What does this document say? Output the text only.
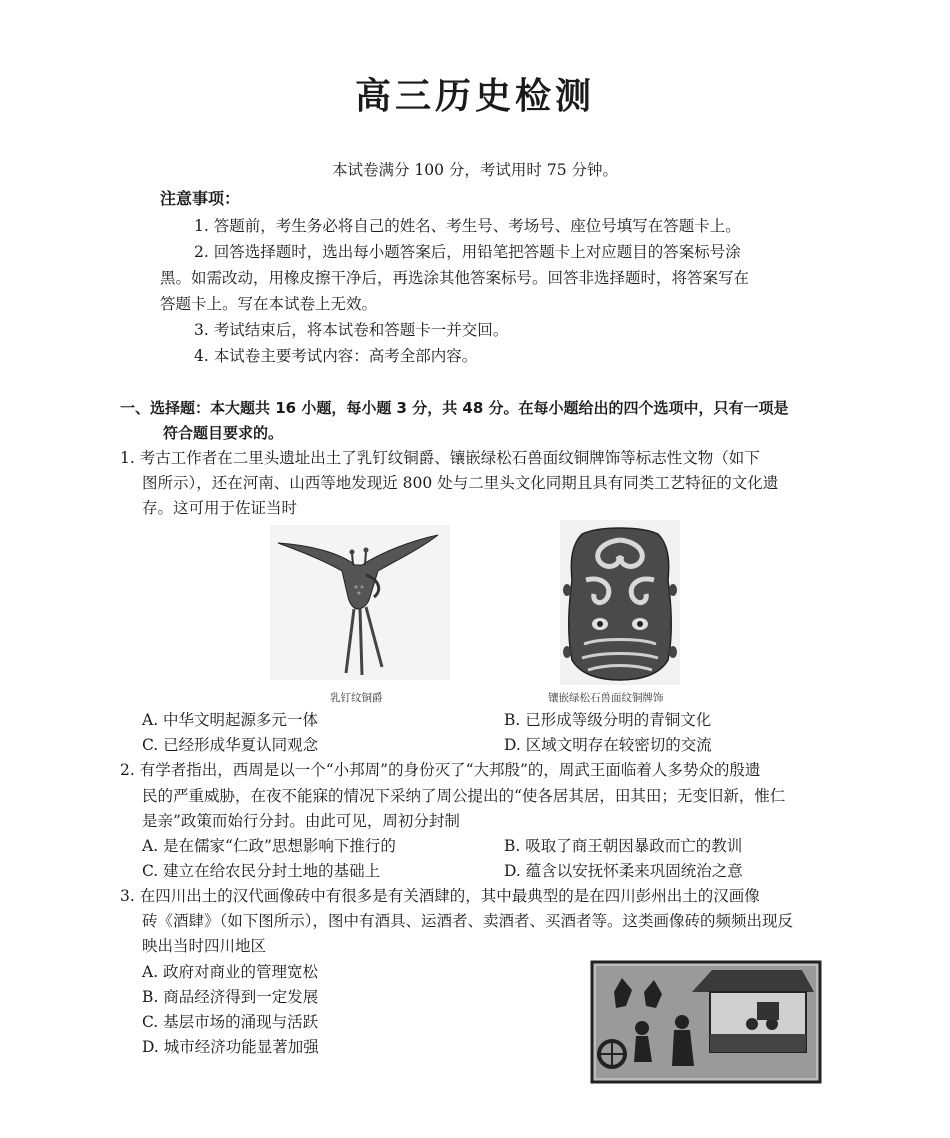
高三历史检测
本试卷满分 100 分，考试用时 75 分钟。
注意事项：
1. 答题前，考生务必将自己的姓名、考生号、考场号、座位号填写在答题卡上。
2. 回答选择题时，选出每小题答案后，用铅笔把答题卡上对应题目的答案标号涂
黑。如需改动，用橡皮擦干净后，再选涂其他答案标号。回答非选择题时，将答案写在
答题卡上。写在本试卷上无效。
3. 考试结束后，将本试卷和答题卡一并交回。
4. 本试卷主要考试内容：高考全部内容。
一、选择题：本大题共 16 小题，每小题 3 分，共 48 分。在每小题给出的四个选项中，只有一项是
符合题目要求的。
1. 考古工作者在二里头遗址出土了乳钉纹铜爵、镶嵌绿松石兽面纹铜牌饰等标志性文物（如下
图所示），还在河南、山西等地发现近 800 处与二里头文化同期且具有同类工艺特征的文化遗
存。这可用于佐证当时
乳钉纹铜爵	镶嵌绿松石兽面纹铜牌饰
A. 中华文明起源多元一体	B. 已形成等级分明的青铜文化
C. 已经形成华夏认同观念	D. 区域文明存在较密切的交流
2. 有学者指出，西周是以一个“小邦周”的身份灭了“大邦殷”的，周武王面临着人多势众的殷遗
民的严重威胁，在夜不能寐的情况下采纳了周公提出的“使各居其居，田其田；无变旧新，惟仁
是亲”政策而始行分封。由此可见，周初分封制
A. 是在儒家“仁政”思想影响下推行的	B. 吸取了商王朝因暴政而亡的教训
C. 建立在给农民分封土地的基础上	D. 蕴含以安抚怀柔来巩固统治之意
3. 在四川出土的汉代画像砖中有很多是有关酒肆的，其中最典型的是在四川彭州出土的汉画像
砖《酒肆》（如下图所示），图中有酒具、运酒者、卖酒者、买酒者等。这类画像砖的频频出现反
映出当时四川地区
A. 政府对商业的管理宽松
B. 商品经济得到一定发展
C. 基层市场的涌现与活跃
D. 城市经济功能显著加强
